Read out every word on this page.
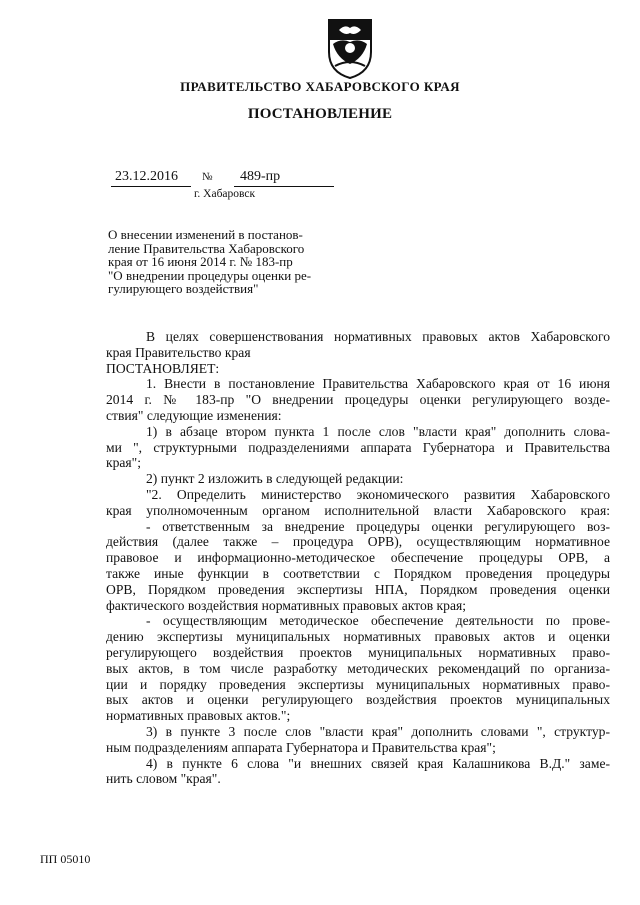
ПРАВИТЕЛЬСТВО ХАБАРОВСКОГО КРАЯ
ПОСТАНОВЛЕНИЕ
23.12.2016	№	489-пр
г. Хабаровск
О внесении изменений в постанов-
ление Правительства Хабаровского
края от 16 июня 2014 г. № 183-пр
"О внедрении процедуры оценки ре-
гулирующего воздействия"
В целях совершенствования нормативных правовых актов Хабаровского
края Правительство края
ПОСТАНОВЛЯЕТ:
1. Внести в постановление Правительства Хабаровского края от 16 июня
2014 г. № 183-пр "О внедрении процедуры оценки регулирующего возде-
ствия" следующие изменения:
1) в абзаце втором пункта 1 после слов "власти края" дополнить слова-
ми ", структурными подразделениями аппарата Губернатора и Правительства
края";
2) пункт 2 изложить в следующей редакции:
"2. Определить министерство экономического развития Хабаровского
края уполномоченным органом исполнительной власти Хабаровского края:
- ответственным за внедрение процедуры оценки регулирующего воз-
действия (далее также – процедура ОРВ), осуществляющим нормативное
правовое и информационно-методическое обеспечение процедуры ОРВ, а
также иные функции в соответствии с Порядком проведения процедуры
ОРВ, Порядком проведения экспертизы НПА, Порядком проведения оценки
фактического воздействия нормативных правовых актов края;
- осуществляющим методическое обеспечение деятельности по прове-
дению экспертизы муниципальных нормативных правовых актов и оценки
регулирующего воздействия проектов муниципальных нормативных право-
вых актов, в том числе разработку методических рекомендаций по организа-
ции и порядку проведения экспертизы муниципальных нормативных право-
вых актов и оценки регулирующего воздействия проектов муниципальных
нормативных правовых актов.";
3) в пункте 3 после слов "власти края" дополнить словами ", структур-
ным подразделениям аппарата Губернатора и Правительства края";
4) в пункте 6 слова "и внешних связей края Калашникова В.Д." заме-
нить словом "края".
ПП 05010
